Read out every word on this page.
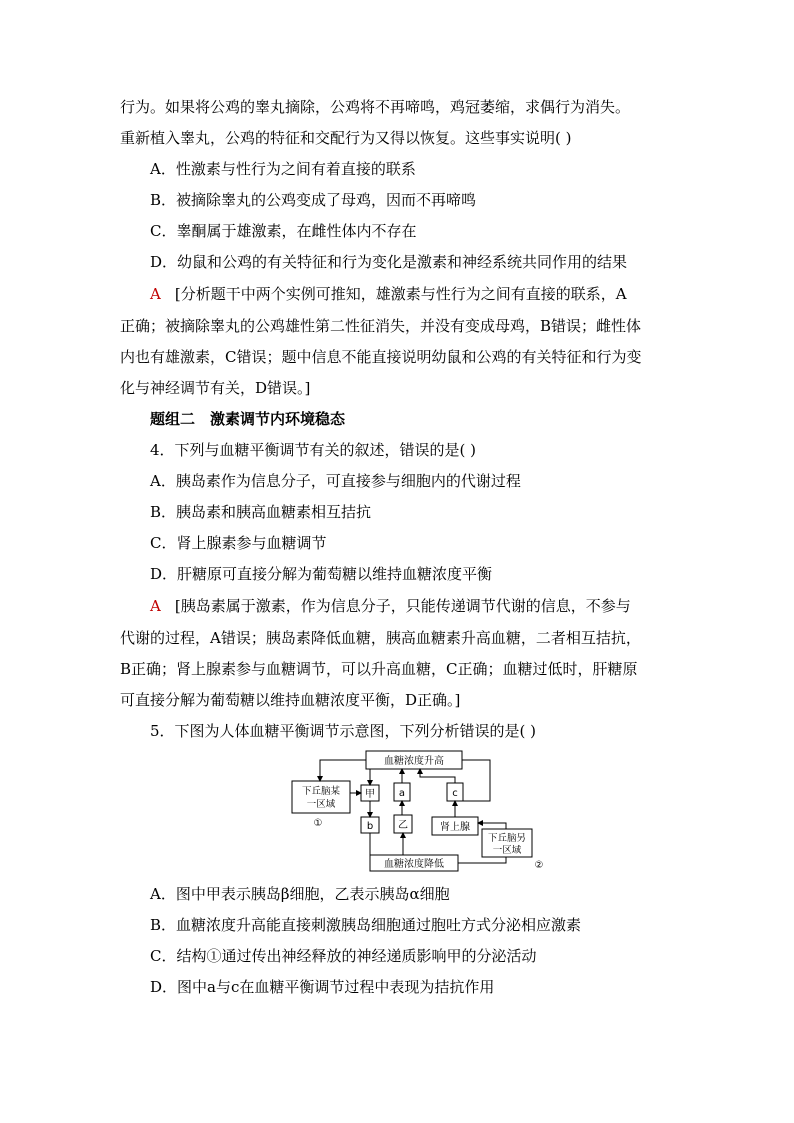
行为。如果将公鸡的睾丸摘除，公鸡将不再啼鸣，鸡冠萎缩，求偶行为消失。
重新植入睾丸，公鸡的特征和交配行为又得以恢复。这些事实说明( )
A．性激素与性行为之间有着直接的联系
B．被摘除睾丸的公鸡变成了母鸡，因而不再啼鸣
C．睾酮属于雄激素，在雌性体内不存在
D．幼鼠和公鸡的有关特征和行为变化是激素和神经系统共同作用的结果
A [分析题干中两个实例可推知，雄激素与性行为之间有直接的联系，A
正确；被摘除睾丸的公鸡雄性第二性征消失，并没有变成母鸡，B错误；雌性体
内也有雄激素，C错误；题中信息不能直接说明幼鼠和公鸡的有关特征和行为变
化与神经调节有关，D错误。]
题组二　激素调节内环境稳态
4．下列与血糖平衡调节有关的叙述，错误的是( )
A．胰岛素作为信息分子，可直接参与细胞内的代谢过程
B．胰岛素和胰高血糖素相互拮抗
C．肾上腺素参与血糖调节
D．肝糖原可直接分解为葡萄糖以维持血糖浓度平衡
A [胰岛素属于激素，作为信息分子，只能传递调节代谢的信息，不参与
代谢的过程，A错误；胰岛素降低血糖，胰高血糖素升高血糖，二者相互拮抗，
B正确；肾上腺素参与血糖调节，可以升高血糖，C正确；血糖过低时，肝糖原
可直接分解为葡萄糖以维持血糖浓度平衡，D正确。]
5．下图为人体血糖平衡调节示意图，下列分析错误的是( )
血糖浓度升高
下丘脑某
一区域
①
甲 a	c
b 乙	肾上腺
下丘脑另
一区域
②
血糖浓度降低
A．图中甲表示胰岛β细胞，乙表示胰岛α细胞
B．血糖浓度升高能直接刺激胰岛细胞通过胞吐方式分泌相应激素
C．结构①通过传出神经释放的神经递质影响甲的分泌活动
D．图中a与c在血糖平衡调节过程中表现为拮抗作用
